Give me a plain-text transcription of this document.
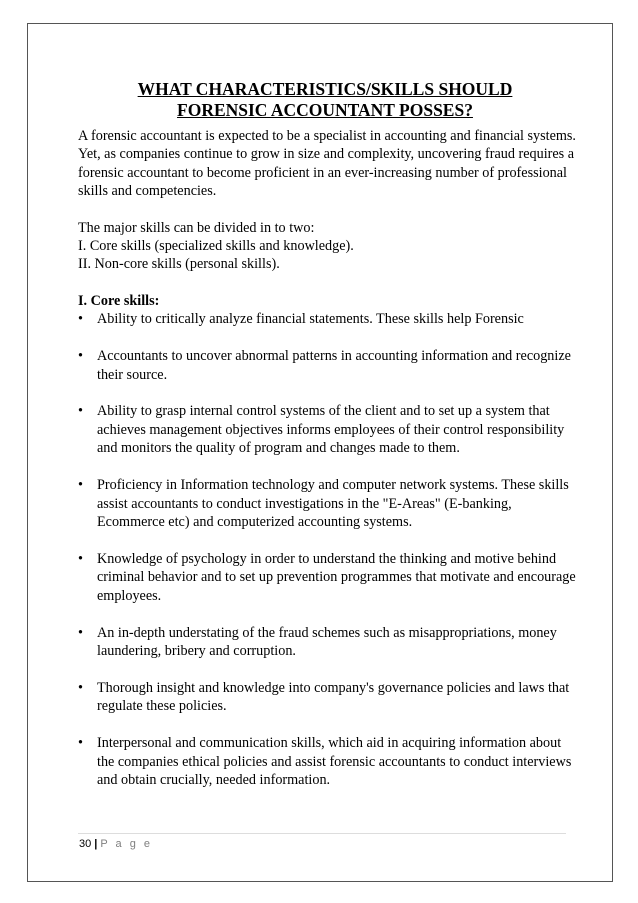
WHAT CHARACTERISTICS/SKILLS SHOULD
FORENSIC ACCOUNTANT POSSES?

A forensic accountant is expected to be a specialist in accounting and financial systems.

Yet, as companies continue to grow in size and complexity, uncovering fraud requires a forensic accountant to become proficient in an ever-increasing number of professional skills and competencies.

The major skills can be divided in to two:

I. Core skills (specialized skills and knowledge).

II. Non-core skills (personal skills).

I. Core skills:

• Ability to critically analyze financial statements. These skills help Forensic
• Accountants to uncover abnormal patterns in accounting information and recognize their source.
• Ability to grasp internal control systems of the client and to set up a system that achieves management objectives informs employees of their control responsibility and monitors the quality of program and changes made to them.
• Proficiency in Information technology and computer network systems. These skills assist accountants to conduct investigations in the "E-Areas" (E-banking, Ecommerce etc) and computerized accounting systems.
• Knowledge of psychology in order to understand the thinking and motive behind criminal behavior and to set up prevention programmes that motivate and encourage employees.
• An in-depth understating of the fraud schemes such as misappropriations, money laundering, bribery and corruption.
• Thorough insight and knowledge into company's governance policies and laws that regulate these policies.
• Interpersonal and communication skills, which aid in acquiring information about the companies ethical policies and assist forensic accountants to conduct interviews and obtain crucially, needed information.
30 | P a g e
